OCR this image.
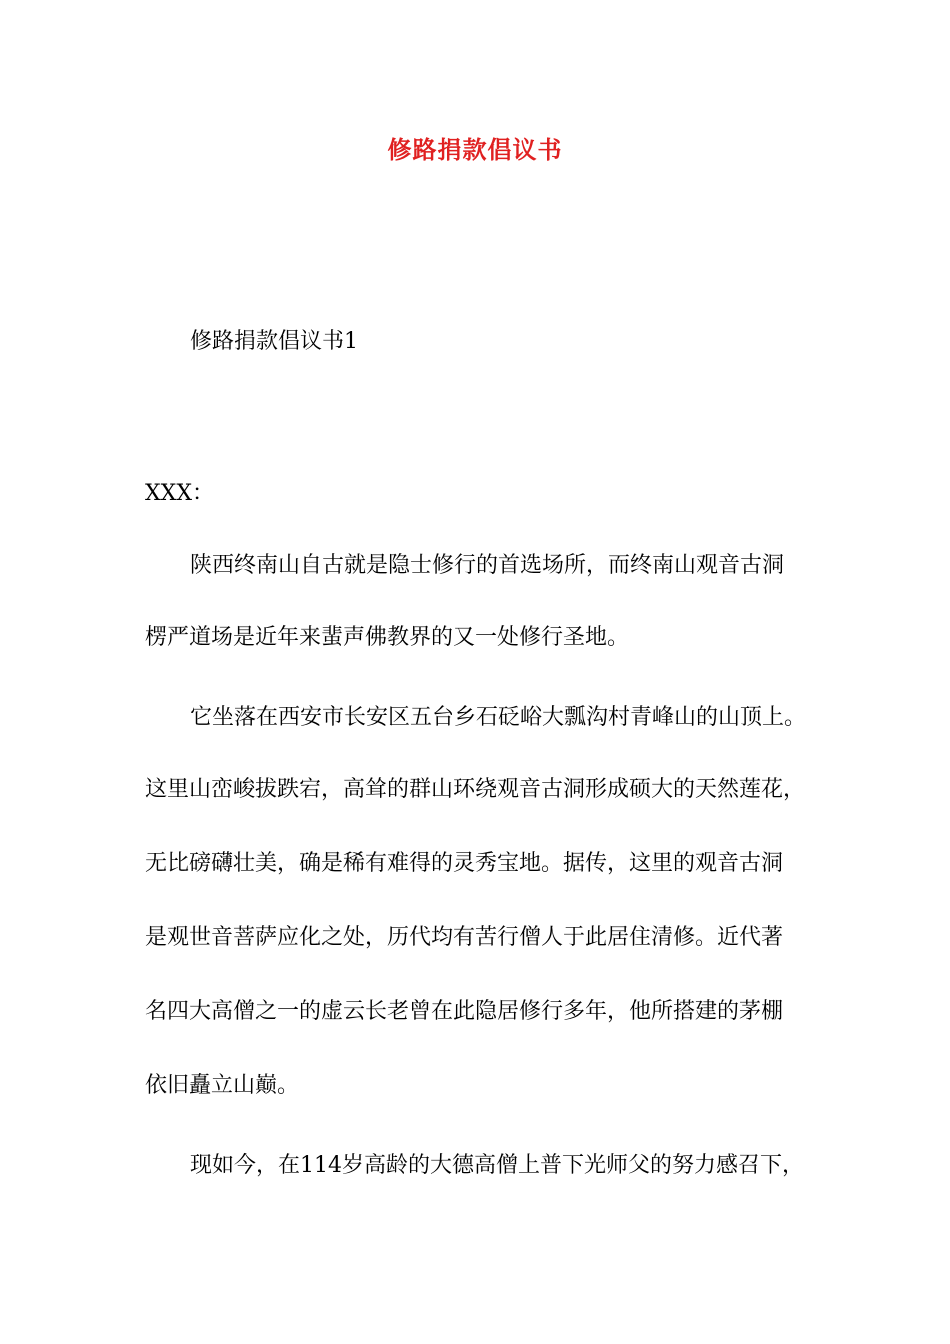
修路捐款倡议书
修路捐款倡议书1
XXX：
陕西终南山自古就是隐士修行的首选场所，而终南山观音古洞
楞严道场是近年来蜚声佛教界的又一处修行圣地。
它坐落在西安市长安区五台乡石砭峪大瓢沟村青峰山的山顶上。
这里山峦峻拔跌宕，高耸的群山环绕观音古洞形成硕大的天然莲花，
无比磅礴壮美，确是稀有难得的灵秀宝地。据传，这里的观音古洞
是观世音菩萨应化之处，历代均有苦行僧人于此居住清修。近代著
名四大高僧之一的虚云长老曾在此隐居修行多年，他所搭建的茅棚
依旧矗立山巅。
现如今，在114岁高龄的大德高僧上普下光师父的努力感召下，
